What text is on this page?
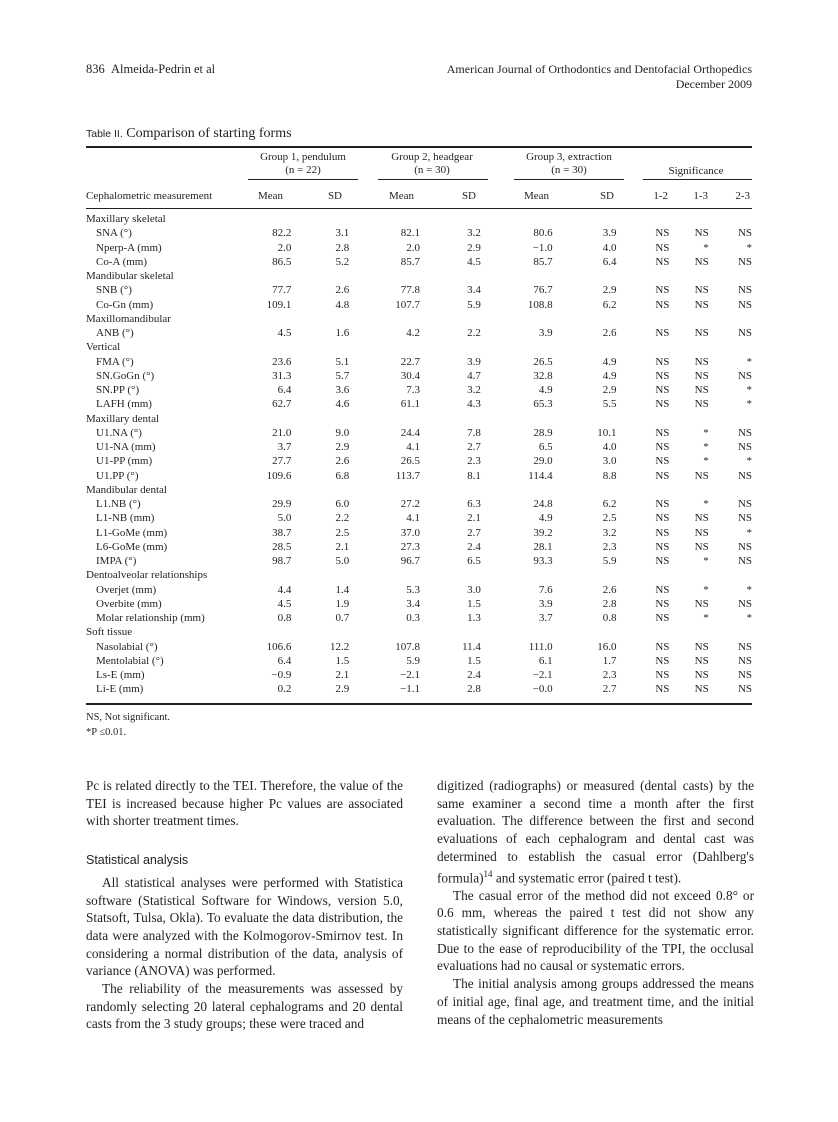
836 Almeida-Pedrin et al	American Journal of Orthodontics and Dentofacial Orthopedics
December 2009
Table II. Comparison of starting forms
Group 1, pendulum
(n = 22)
Group 2, headgear
(n = 30)
Group 3, extraction
(n = 30)	Significance
Cephalometric measurement	Mean	SD	Mean	SD	Mean	SD	1-2	1-3	2-3
Maxillary skeletal									
SNA (°)	82.2	3.1	82.1	3.2	80.6	3.9	NS	NS	NS
Nperp-A (mm)	2.0	2.8	2.0	2.9	−1.0	4.0	NS	*	*
Co-A (mm)	86.5	5.2	85.7	4.5	85.7	6.4	NS	NS	NS
Mandibular skeletal									
SNB (°)	77.7	2.6	77.8	3.4	76.7	2.9	NS	NS	NS
Co-Gn (mm)	109.1	4.8	107.7	5.9	108.8	6.2	NS	NS	NS
Maxillomandibular									
ANB (°)	4.5	1.6	4.2	2.2	3.9	2.6	NS	NS	NS
Vertical									
FMA (°)	23.6	5.1	22.7	3.9	26.5	4.9	NS	NS	*
SN.GoGn (°)	31.3	5.7	30.4	4.7	32.8	4.9	NS	NS	NS
SN.PP (°)	6.4	3.6	7.3	3.2	4.9	2.9	NS	NS	*
LAFH (mm)	62.7	4.6	61.1	4.3	65.3	5.5	NS	NS	*
Maxillary dental									
U1.NA (°)	21.0	9.0	24.4	7.8	28.9	10.1	NS	*	NS
U1-NA (mm)	3.7	2.9	4.1	2.7	6.5	4.0	NS	*	NS
U1-PP (mm)	27.7	2.6	26.5	2.3	29.0	3.0	NS	*	*
U1.PP (°)	109.6	6.8	113.7	8.1	114.4	8.8	NS	NS	NS
Mandibular dental									
L1.NB (°)	29.9	6.0	27.2	6.3	24.8	6.2	NS	*	NS
L1-NB (mm)	5.0	2.2	4.1	2.1	4.9	2.5	NS	NS	NS
L1-GoMe (mm)	38.7	2.5	37.0	2.7	39.2	3.2	NS	NS	*
L6-GoMe (mm)	28.5	2.1	27.3	2.4	28.1	2.3	NS	NS	NS
IMPA (°)	98.7	5.0	96.7	6.5	93.3	5.9	NS	*	NS
Dentoalveolar relationships									
Overjet (mm)	4.4	1.4	5.3	3.0	7.6	2.6	NS	*	*
Overbite (mm)	4.5	1.9	3.4	1.5	3.9	2.8	NS	NS	NS
Molar relationship (mm)	0.8	0.7	0.3	1.3	3.7	0.8	NS	*	*
Soft tissue									
Nasolabial (°)	106.6	12.2	107.8	11.4	111.0	16.0	NS	NS	NS
Mentolabial (°)	6.4	1.5	5.9	1.5	6.1	1.7	NS	NS	NS
Ls-E (mm)	−0.9	2.1	−2.1	2.4	−2.1	2.3	NS	NS	NS
Li-E (mm)	0.2	2.9	−1.1	2.8	−0.0	2.7	NS	NS	NS
NS, Not significant.
*P ≤0.01.

Pc is related directly to the TEI. Therefore, the value of the TEI is increased because higher Pc values are associated with shorter treatment times.

Statistical analysis

All statistical analyses were performed with Statistica software (Statistical Software for Windows, version 5.0, Statsoft, Tulsa, Okla). To evaluate the data distribution, the data were analyzed with the Kolmogorov-Smirnov test. In considering a normal distribution of the data, analysis of variance (ANOVA) was performed.

The reliability of the measurements was assessed by randomly selecting 20 lateral cephalograms and 20 dental casts from the 3 study groups; these were traced and

digitized (radiographs) or measured (dental casts) by the same examiner a second time a month after the first evaluation. The difference between the first and second evaluations of each cephalogram and dental cast was determined to establish the casual error (Dahlberg's formula)$^{14}$ and systematic error (paired t test).

The casual error of the method did not exceed 0.8° or 0.6 mm, whereas the paired t test did not show any statistically significant difference for the systematic error. Due to the ease of reproducibility of the TPI, the occlusal evaluations had no causal or systematic errors.

The initial analysis among groups addressed the means of initial age, final age, and treatment time, and the initial means of the cephalometric measurements
